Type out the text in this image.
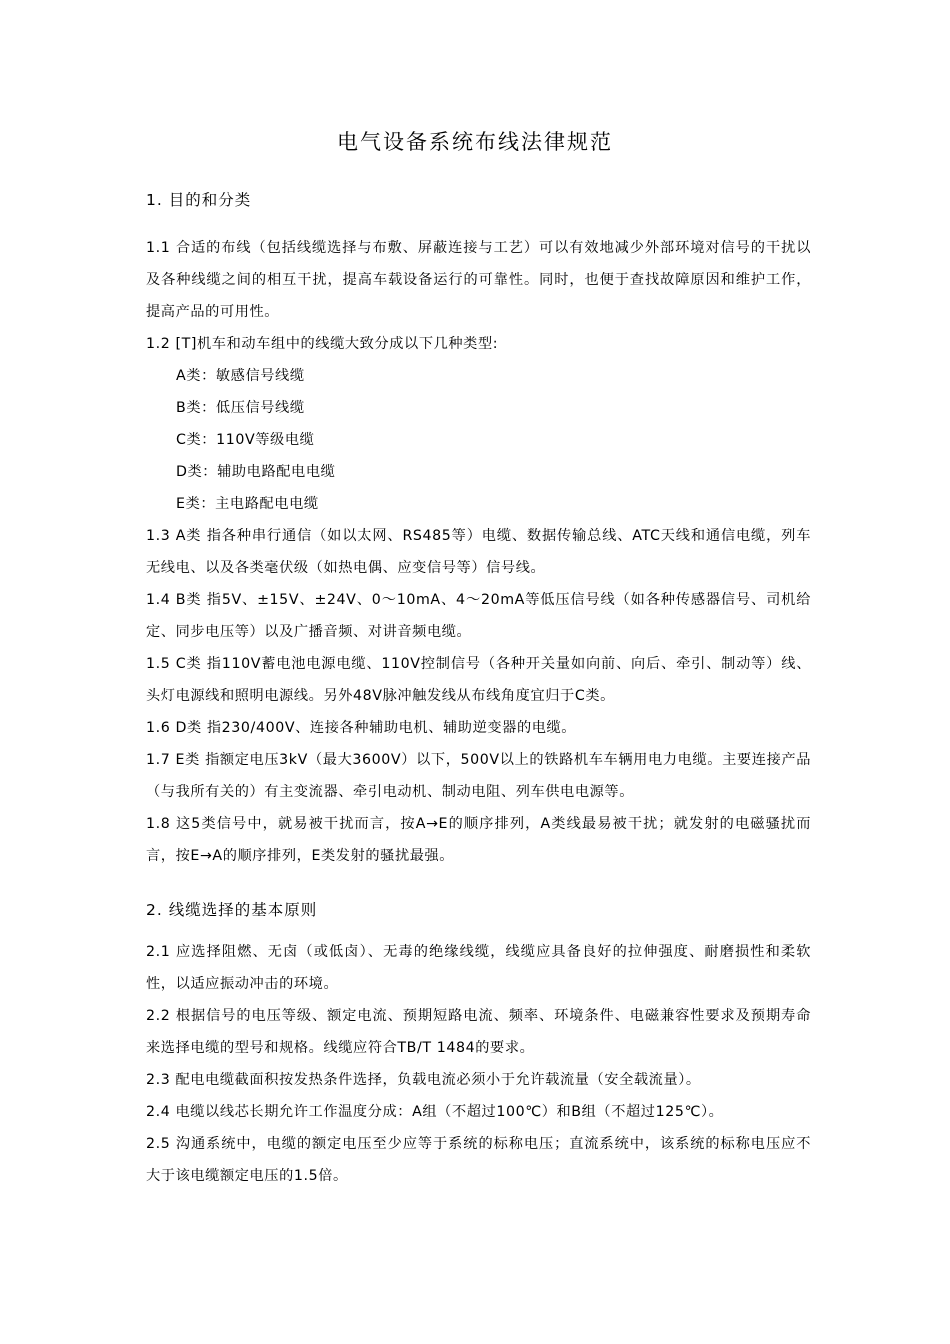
电气设备系统布线法律规范
1. 目的和分类

1.1 合适的布线（包括线缆选择与布敷、屏蔽连接与工艺）可以有效地减少外部环境对信号的干扰以及各种线缆之间的相互干扰，提高车载设备运行的可靠性。同时，也便于查找故障原因和维护工作，提高产品的可用性。

1.2 [T]机车和动车组中的线缆大致分成以下几种类型:

A类：敏感信号线缆
B类：低压信号线缆
C类：110V等级电缆
D类：辅助电路配电电缆
E类：主电路配电电缆

1.3 A类 指各种串行通信（如以太网、RS485等）电缆、数据传输总线、ATC天线和通信电缆，列车无线电、以及各类毫伏级（如热电偶、应变信号等）信号线。

1.4 B类 指5V、±15V、±24V、0～10mA、4～20mA等低压信号线（如各种传感器信号、司机给定、同步电压等）以及广播音频、对讲音频电缆。

1.5 C类 指110V蓄电池电源电缆、110V控制信号（各种开关量如向前、向后、牵引、制动等）线、头灯电源线和照明电源线。另外48V脉冲触发线从布线角度宜归于C类。

1.6 D类 指230/400V、连接各种辅助电机、辅助逆变器的电缆。

1.7 E类 指额定电压3kV（最大3600V）以下，500V以上的铁路机车车辆用电力电缆。主要连接产品（与我所有关的）有主变流器、牵引电动机、制动电阻、列车供电电源等。

1.8 这5类信号中，就易被干扰而言，按A→E的顺序排列，A类线最易被干扰；就发射的电磁骚扰而言，按E→A的顺序排列，E类发射的骚扰最强。

2. 线缆选择的基本原则

2.1 应选择阻燃、无卤（或低卤）、无毒的绝缘线缆，线缆应具备良好的拉伸强度、耐磨损性和柔软性，以适应振动冲击的环境。

2.2 根据信号的电压等级、额定电流、预期短路电流、频率、环境条件、电磁兼容性要求及预期寿命来选择电缆的型号和规格。线缆应符合TB/T 1484的要求。

2.3 配电电缆截面积按发热条件选择，负载电流必须小于允许载流量（安全载流量）。

2.4 电缆以线芯长期允许工作温度分成：A组（不超过100℃）和B组（不超过125℃）。

2.5 沟通系统中，电缆的额定电压至少应等于系统的标称电压；直流系统中，该系统的标称电压应不大于该电缆额定电压的1.5倍。
